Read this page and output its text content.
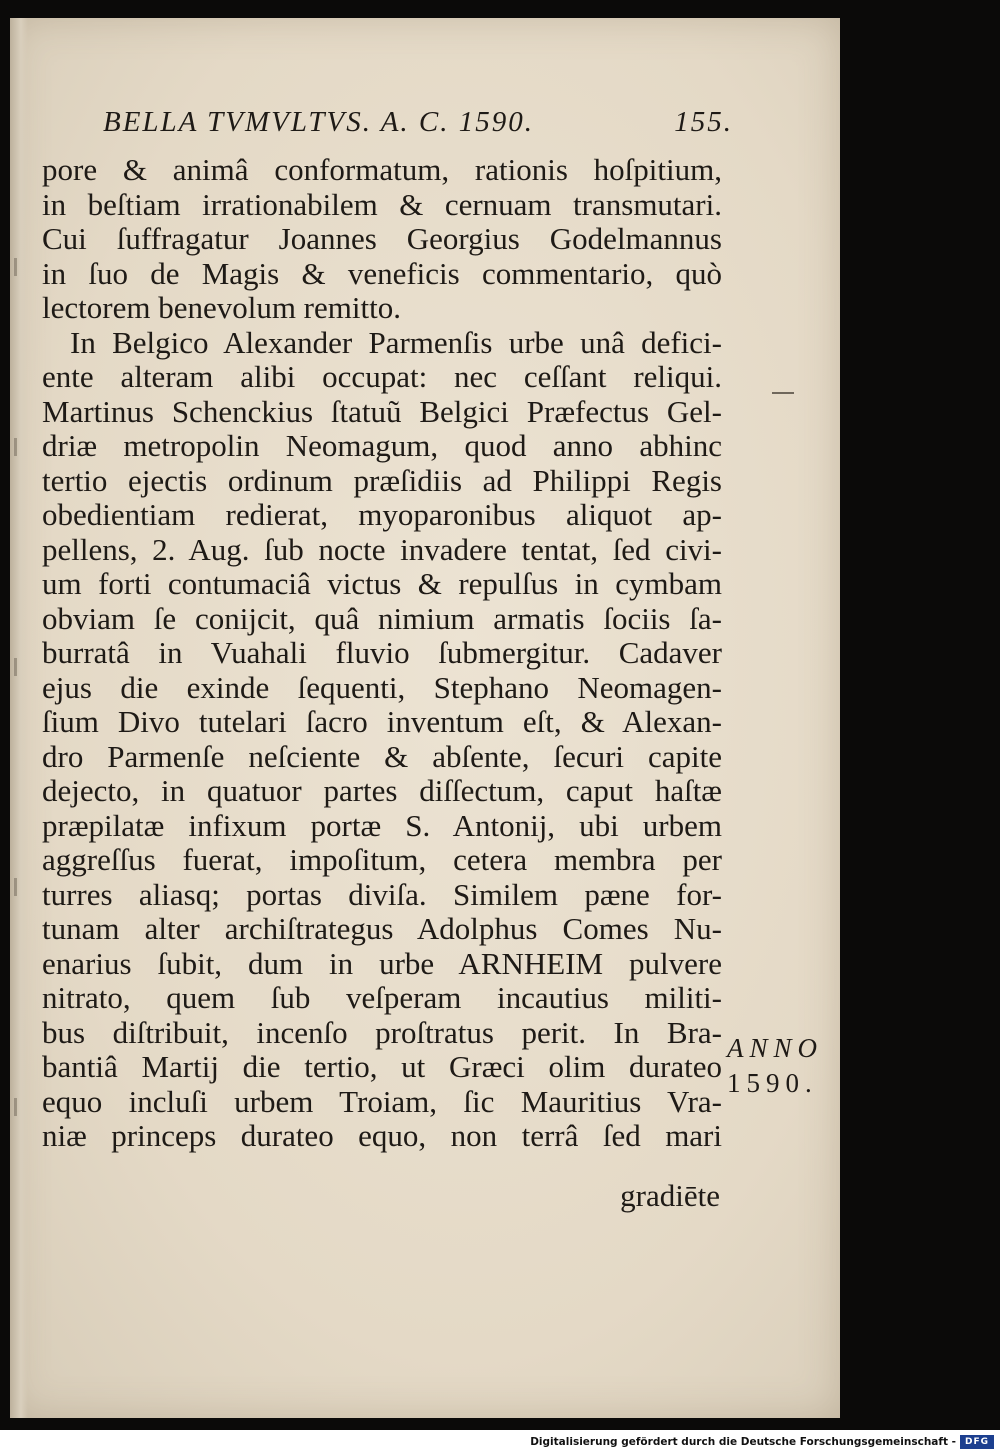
BELLA TVMVLTVS. A. C. 1590.	155.
pore & animâ conformatum, rationis hoſpitium,
in beſtiam irrationabilem & cernuam transmutari.
Cui ſuffragatur Joannes Georgius Godelmannus
in ſuo de Magis & veneficis commentario, quò
lectorem benevolum remitto.
In Belgico Alexander Parmenſis urbe unâ defici-
ente alteram alibi occupat: nec ceſſant reliqui.
Martinus Schenckius ſtatuũ Belgici Præfectus Gel-
driæ metropolin Neomagum, quod anno abhinc
tertio ejectis ordinum præſidiis ad Philippi Regis
obedientiam redierat, myoparonibus aliquot ap-
pellens, 2. Aug. ſub nocte invadere tentat, ſed civi-
um forti contumaciâ victus & repulſus in cymbam
obviam ſe conijcit, quâ nimium armatis ſociis ſa-
burratâ in Vuahali fluvio ſubmergitur. Cadaver
ejus die exinde ſequenti, Stephano Neomagen-
ſium Divo tutelari ſacro inventum eſt, & Alexan-
dro Parmenſe neſciente & abſente, ſecuri capite
dejecto, in quatuor partes diſſectum, caput haſtæ
præpilatæ infixum portæ S. Antonij, ubi urbem
aggreſſus fuerat, impoſitum, cetera membra per
turres aliasq; portas diviſa. Similem pæne for-
tunam alter archiſtrategus Adolphus Comes Nu-
enarius ſubit, dum in urbe ARNHEIM pulvere
nitrato, quem ſub veſperam incautius militi-
bus diſtribuit, incenſo proſtratus perit. In Bra-
bantiâ Martij die tertio, ut Græci olim durateo
equo incluſi urbem Troiam, ſic Mauritius Vra-
niæ princeps durateo equo, non terrâ ſed mari
gradiēte
ANNO
1590.
Digitalisierung gefördert durch die Deutsche Forschungsgemeinschaft - DFG
